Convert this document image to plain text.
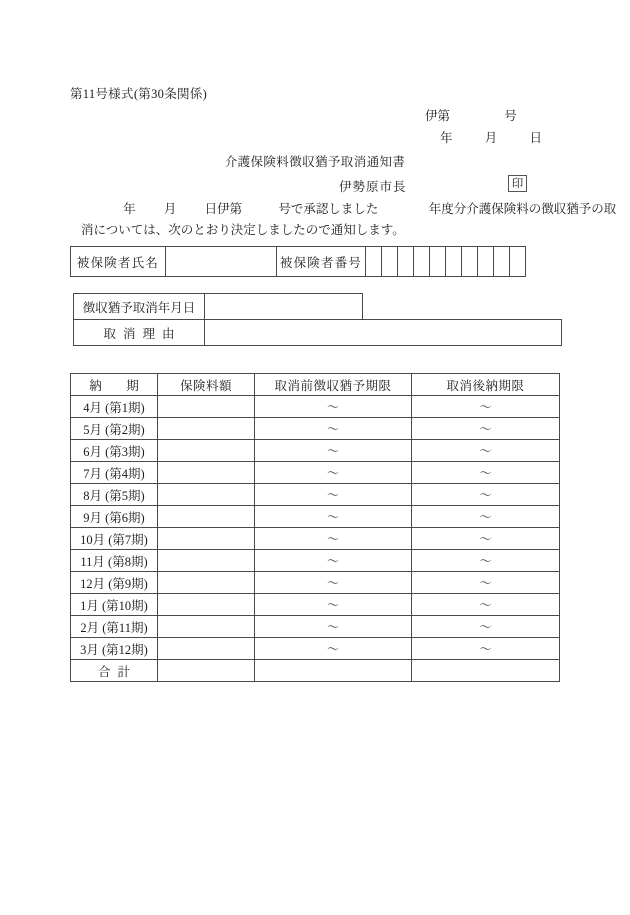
第11号様式(第30条関係)
伊第	号
年	月	日
介護保険料徴収猶予取消通知書
伊勢原市長	印
年 月 日伊第	号で承認しました	年度分介護保険料の徴収猶予の取
消については、次のとおり決定しましたので通知します。
被保険者氏名		被保険者番号										
徴収猶予取消年月日		
取消理由		
納　期	保険料額	取消前徴収猶予期限	取消後納期限
4月 (第1期)		〜	〜
5月 (第2期)		〜	〜
6月 (第3期)		〜	〜
7月 (第4期)		〜	〜
8月 (第5期)		〜	〜
9月 (第6期)		〜	〜
10月 (第7期)		〜	〜
11月 (第8期)		〜	〜
12月 (第9期)		〜	〜
1月 (第10期)		〜	〜
2月 (第11期)		〜	〜
3月 (第12期)		〜	〜
合計			
